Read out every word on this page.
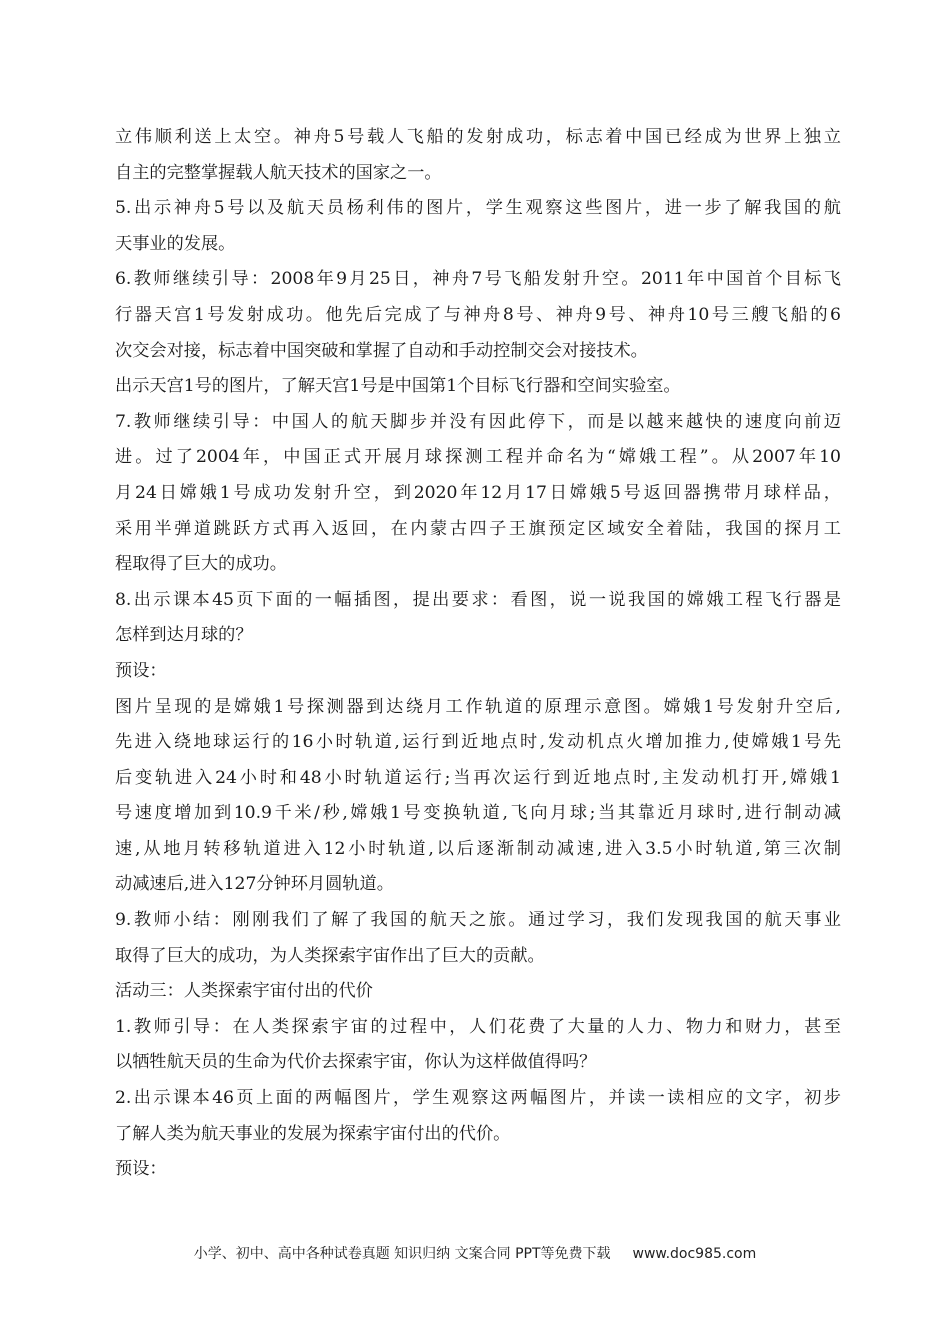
立伟顺利送上太空。神舟5号载人飞船的发射成功，标志着中国已经成为世界上独立
自主的完整掌握载人航天技术的国家之一。
5.出示神舟5号以及航天员杨利伟的图片，学生观察这些图片，进一步了解我国的航
天事业的发展。
6.教师继续引导：2008年9月25日，神舟7号飞船发射升空。2011年中国首个目标飞
行器天宫1号发射成功。他先后完成了与神舟8号、神舟9号、神舟10号三艘飞船的6
次交会对接，标志着中国突破和掌握了自动和手动控制交会对接技术。
出示天宫1号的图片，了解天宫1号是中国第1个目标飞行器和空间实验室。
7.教师继续引导：中国人的航天脚步并没有因此停下，而是以越来越快的速度向前迈
进。过了2004年，中国正式开展月球探测工程并命名为“嫦娥工程”。从2007年10
月24日嫦娥1号成功发射升空，到2020年12月17日嫦娥5号返回器携带月球样品，
采用半弹道跳跃方式再入返回，在内蒙古四子王旗预定区域安全着陆，我国的探月工
程取得了巨大的成功。
8.出示课本45页下面的一幅插图，提出要求：看图，说一说我国的嫦娥工程飞行器是
怎样到达月球的？
预设：
图片呈现的是嫦娥1号探测器到达绕月工作轨道的原理示意图。嫦娥1号发射升空后,
先进入绕地球运行的16小时轨道,运行到近地点时,发动机点火增加推力,使嫦娥1号先
后变轨进入24小时和48小时轨道运行;当再次运行到近地点时,主发动机打开,嫦娥1
号速度增加到10.9千米/秒,嫦娥1号变换轨道,飞向月球;当其靠近月球时,进行制动减
速,从地月转移轨道进入12小时轨道,以后逐渐制动减速,进入3.5小时轨道,第三次制
动减速后,进入127分钟环月圆轨道。
9.教师小结：刚刚我们了解了我国的航天之旅。通过学习，我们发现我国的航天事业
取得了巨大的成功，为人类探索宇宙作出了巨大的贡献。
活动三：人类探索宇宙付出的代价
1.教师引导：在人类探索宇宙的过程中，人们花费了大量的人力、物力和财力，甚至
以牺牲航天员的生命为代价去探索宇宙，你认为这样做值得吗？
2.出示课本46页上面的两幅图片，学生观察这两幅图片，并读一读相应的文字，初步
了解人类为航天事业的发展为探索宇宙付出的代价。
预设：
小学、初中、高中各种试卷真题 知识归纳 文案合同 PPT等免费下载 www.doc985.com
